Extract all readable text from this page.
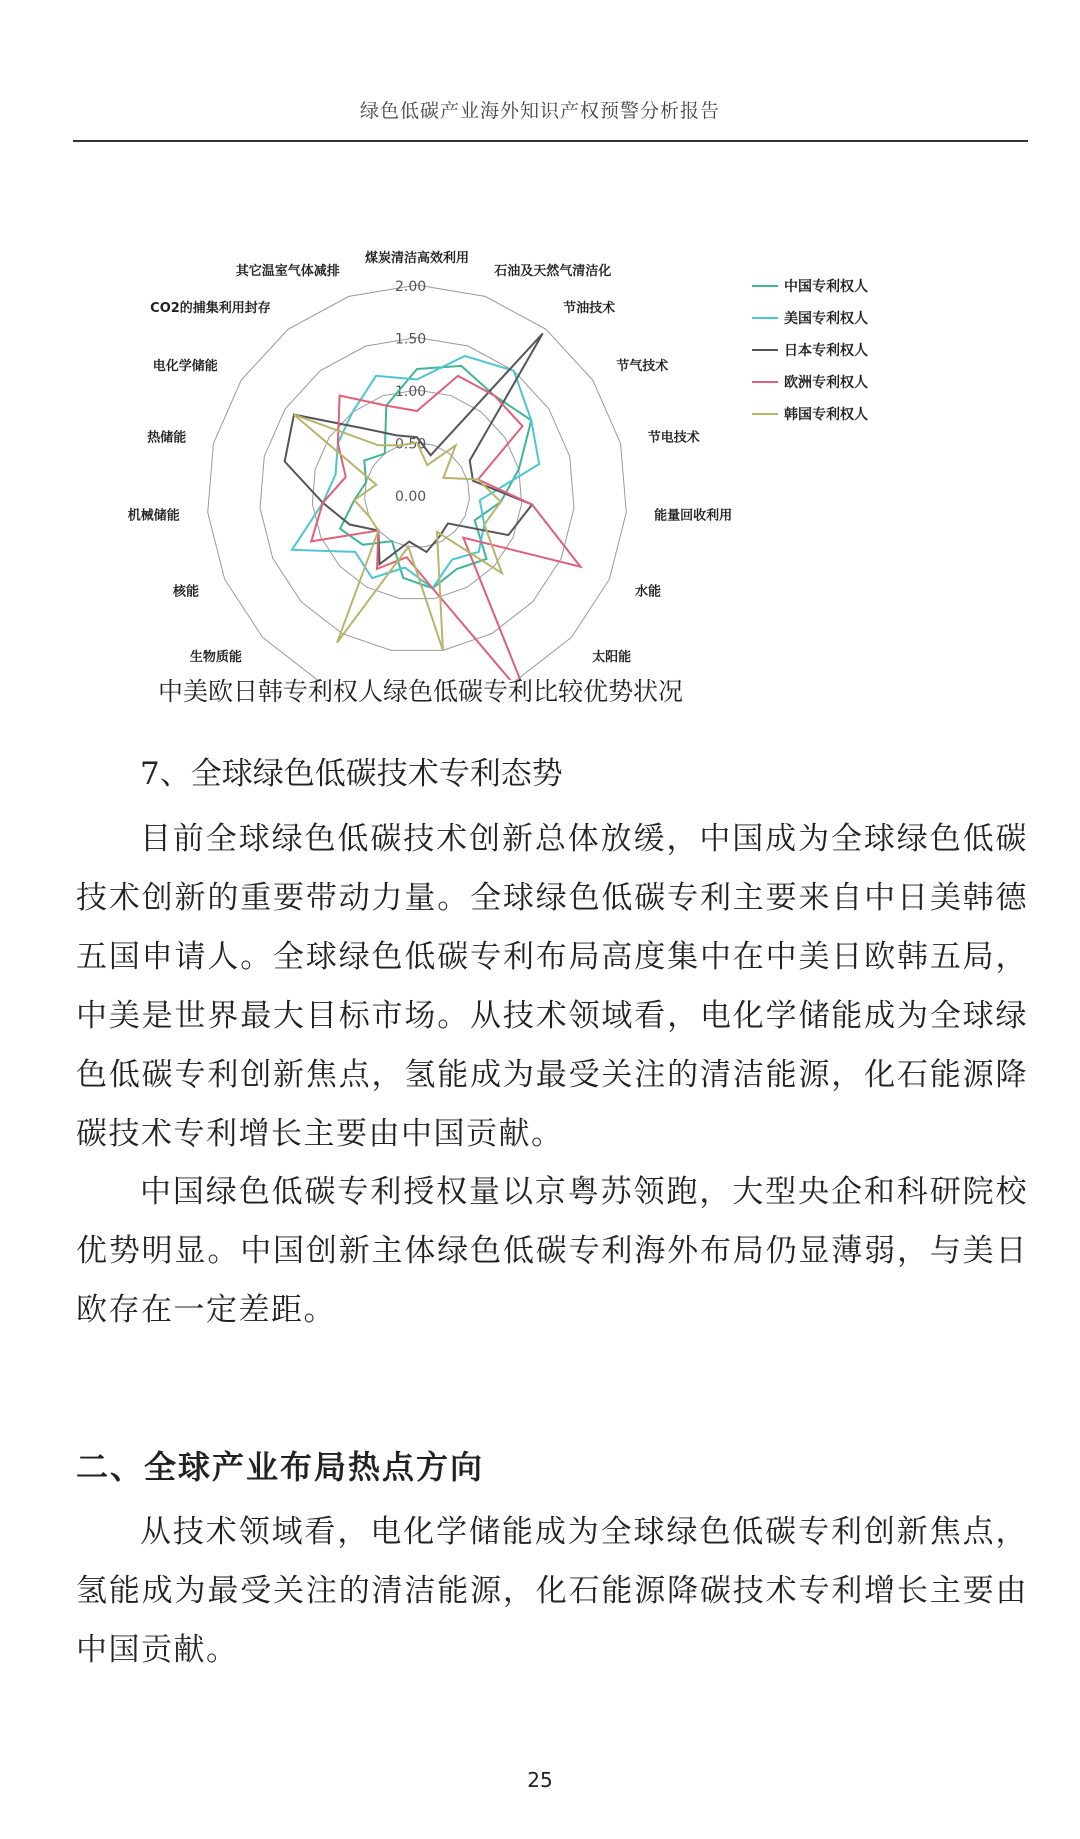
绿色低碳产业海外知识产权预警分析报告
0.00
0.50
1.00
1.50
2.00
煤炭清洁高效利用
石油及天然气清洁化
节油技术
节气技术
节电技术
能量回收利用
水能
太阳能
生物质能
核能
机械储能
热储能
电化学储能
CO2的捕集利用封存
其它温室气体减排
中国专利权人
美国专利权人
日本专利权人
欧洲专利权人
韩国专利权人
中美欧日韩专利权人绿色低碳专利比较优势状况
7、全球绿色低碳技术专利态势
目前全球绿色低碳技术创新总体放缓，中国成为全球绿色低碳技术创新的重要带动力量。全球绿色低碳专利主要来自中日美韩德五国申请人。全球绿色低碳专利布局高度集中在中美日欧韩五局，中美是世界最大目标市场。从技术领域看，电化学储能成为全球绿色低碳专利创新焦点，氢能成为最受关注的清洁能源，化石能源降碳技术专利增长主要由中国贡献。
中国绿色低碳专利授权量以京粤苏领跑，大型央企和科研院校优势明显。中国创新主体绿色低碳专利海外布局仍显薄弱，与美日欧存在一定差距。
二、全球产业布局热点方向
从技术领域看，电化学储能成为全球绿色低碳专利创新焦点，氢能成为最受关注的清洁能源，化石能源降碳技术专利增长主要由中国贡献。
25
